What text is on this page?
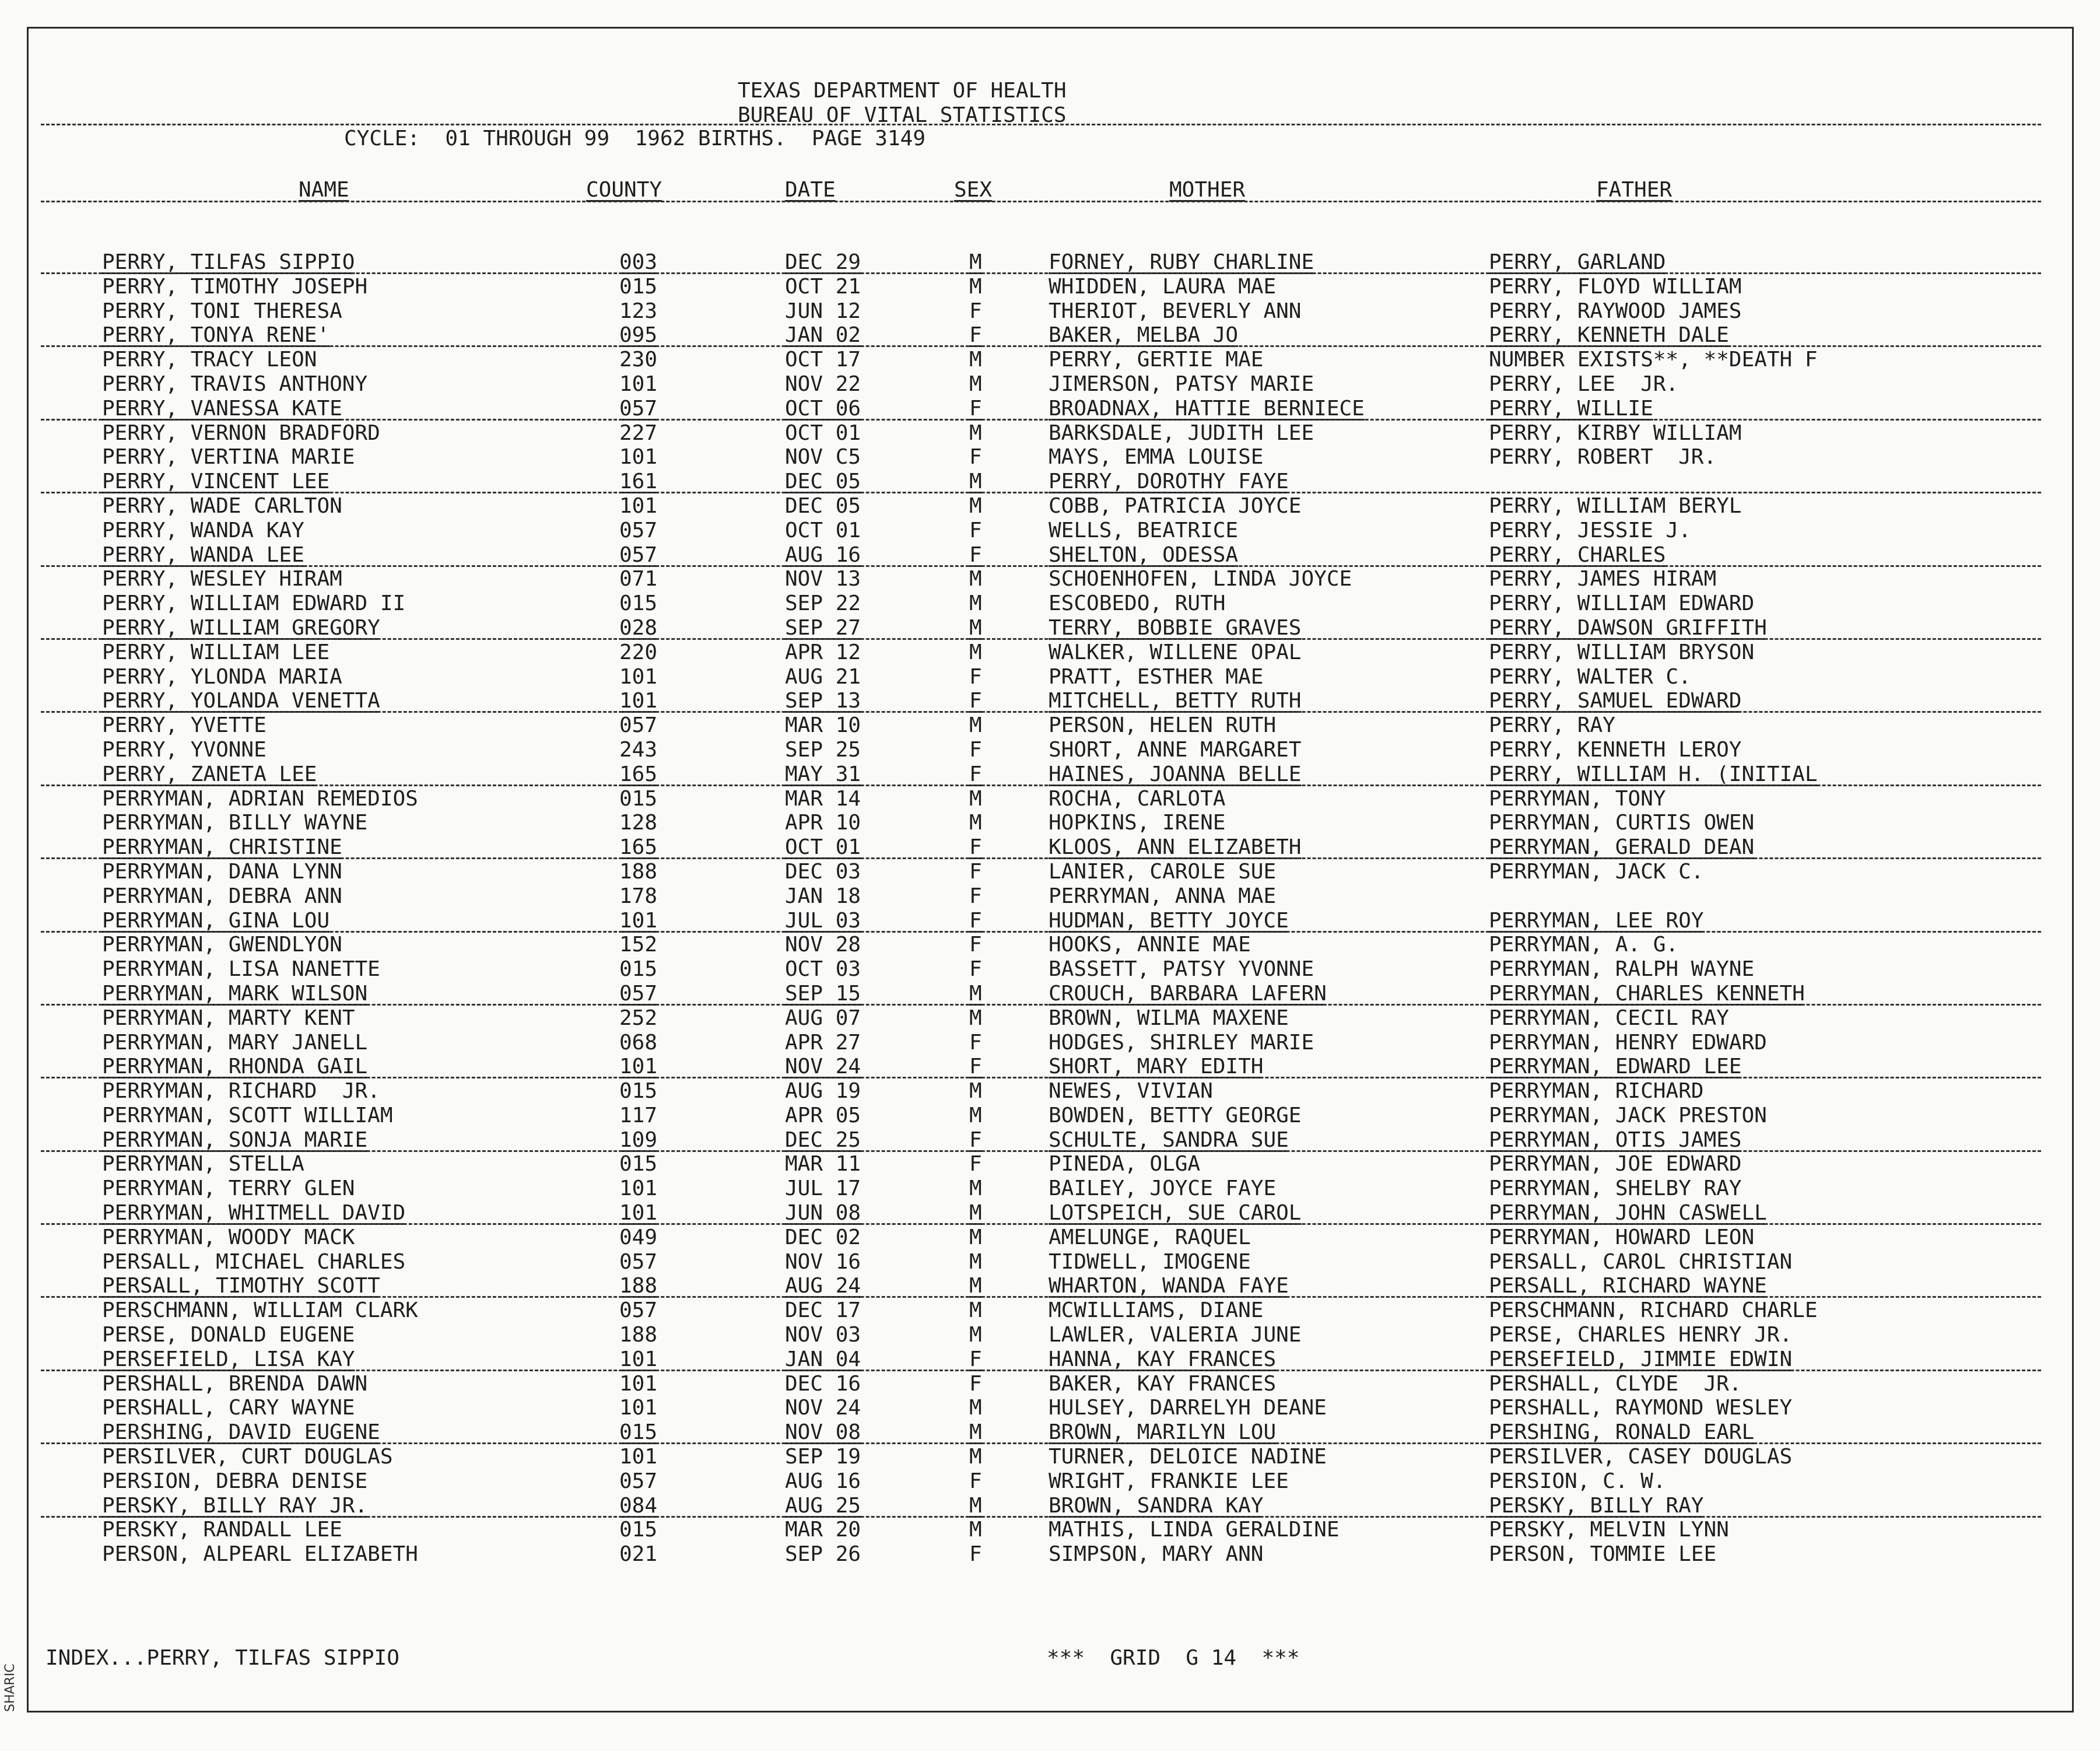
TEXAS DEPARTMENT OF HEALTH
BUREAU OF VITAL STATISTICS
CYCLE:  01 THROUGH 99  1962 BIRTHS.  PAGE 3149
NAME	COUNTY	DATE	SEX	MOTHER	FATHER
PERRY, TILFAS SIPPIO	003	DEC 29	M	FORNEY, RUBY CHARLINE	PERRY, GARLAND
PERRY, TIMOTHY JOSEPH	015	OCT 21	M	WHIDDEN, LAURA MAE	PERRY, FLOYD WILLIAM
PERRY, TONI THERESA	123	JUN 12	F	THERIOT, BEVERLY ANN	PERRY, RAYWOOD JAMES
PERRY, TONYA RENE'	095	JAN 02	F	BAKER, MELBA JO	PERRY, KENNETH DALE
PERRY, TRACY LEON	230	OCT 17	M	PERRY, GERTIE MAE	NUMBER EXISTS**, **DEATH F
PERRY, TRAVIS ANTHONY	101	NOV 22	M	JIMERSON, PATSY MARIE	PERRY, LEE  JR.
PERRY, VANESSA KATE	057	OCT 06	F	BROADNAX, HATTIE BERNIECE	PERRY, WILLIE
PERRY, VERNON BRADFORD	227	OCT 01	M	BARKSDALE, JUDITH LEE	PERRY, KIRBY WILLIAM
PERRY, VERTINA MARIE	101	NOV C5	F	MAYS, EMMA LOUISE	PERRY, ROBERT  JR.
PERRY, VINCENT LEE	161	DEC 05	M	PERRY, DOROTHY FAYE
PERRY, WADE CARLTON	101	DEC 05	M	COBB, PATRICIA JOYCE	PERRY, WILLIAM BERYL
PERRY, WANDA KAY	057	OCT 01	F	WELLS, BEATRICE	PERRY, JESSIE J.
PERRY, WANDA LEE	057	AUG 16	F	SHELTON, ODESSA	PERRY, CHARLES
PERRY, WESLEY HIRAM	071	NOV 13	M	SCHOENHOFEN, LINDA JOYCE	PERRY, JAMES HIRAM
PERRY, WILLIAM EDWARD II	015	SEP 22	M	ESCOBEDO, RUTH	PERRY, WILLIAM EDWARD
PERRY, WILLIAM GREGORY	028	SEP 27	M	TERRY, BOBBIE GRAVES	PERRY, DAWSON GRIFFITH
PERRY, WILLIAM LEE	220	APR 12	M	WALKER, WILLENE OPAL	PERRY, WILLIAM BRYSON
PERRY, YLONDA MARIA	101	AUG 21	F	PRATT, ESTHER MAE	PERRY, WALTER C.
PERRY, YOLANDA VENETTA	101	SEP 13	F	MITCHELL, BETTY RUTH	PERRY, SAMUEL EDWARD
PERRY, YVETTE	057	MAR 10	M	PERSON, HELEN RUTH	PERRY, RAY
PERRY, YVONNE	243	SEP 25	F	SHORT, ANNE MARGARET	PERRY, KENNETH LEROY
PERRY, ZANETA LEE	165	MAY 31	F	HAINES, JOANNA BELLE	PERRY, WILLIAM H. (INITIAL
PERRYMAN, ADRIAN REMEDIOS	015	MAR 14	M	ROCHA, CARLOTA	PERRYMAN, TONY
PERRYMAN, BILLY WAYNE	128	APR 10	M	HOPKINS, IRENE	PERRYMAN, CURTIS OWEN
PERRYMAN, CHRISTINE	165	OCT 01	F	KLOOS, ANN ELIZABETH	PERRYMAN, GERALD DEAN
PERRYMAN, DANA LYNN	188	DEC 03	F	LANIER, CAROLE SUE	PERRYMAN, JACK C.
PERRYMAN, DEBRA ANN	178	JAN 18	F	PERRYMAN, ANNA MAE
PERRYMAN, GINA LOU	101	JUL 03	F	HUDMAN, BETTY JOYCE	PERRYMAN, LEE ROY
PERRYMAN, GWENDLYON	152	NOV 28	F	HOOKS, ANNIE MAE	PERRYMAN, A. G.
PERRYMAN, LISA NANETTE	015	OCT 03	F	BASSETT, PATSY YVONNE	PERRYMAN, RALPH WAYNE
PERRYMAN, MARK WILSON	057	SEP 15	M	CROUCH, BARBARA LAFERN	PERRYMAN, CHARLES KENNETH
PERRYMAN, MARTY KENT	252	AUG 07	M	BROWN, WILMA MAXENE	PERRYMAN, CECIL RAY
PERRYMAN, MARY JANELL	068	APR 27	F	HODGES, SHIRLEY MARIE	PERRYMAN, HENRY EDWARD
PERRYMAN, RHONDA GAIL	101	NOV 24	F	SHORT, MARY EDITH	PERRYMAN, EDWARD LEE
PERRYMAN, RICHARD  JR.	015	AUG 19	M	NEWES, VIVIAN	PERRYMAN, RICHARD
PERRYMAN, SCOTT WILLIAM	117	APR 05	M	BOWDEN, BETTY GEORGE	PERRYMAN, JACK PRESTON
PERRYMAN, SONJA MARIE	109	DEC 25	F	SCHULTE, SANDRA SUE	PERRYMAN, OTIS JAMES
PERRYMAN, STELLA	015	MAR 11	F	PINEDA, OLGA	PERRYMAN, JOE EDWARD
PERRYMAN, TERRY GLEN	101	JUL 17	M	BAILEY, JOYCE FAYE	PERRYMAN, SHELBY RAY
PERRYMAN, WHITMELL DAVID	101	JUN 08	M	LOTSPEICH, SUE CAROL	PERRYMAN, JOHN CASWELL
PERRYMAN, WOODY MACK	049	DEC 02	M	AMELUNGE, RAQUEL	PERRYMAN, HOWARD LEON
PERSALL, MICHAEL CHARLES	057	NOV 16	M	TIDWELL, IMOGENE	PERSALL, CAROL CHRISTIAN
PERSALL, TIMOTHY SCOTT	188	AUG 24	M	WHARTON, WANDA FAYE	PERSALL, RICHARD WAYNE
PERSCHMANN, WILLIAM CLARK	057	DEC 17	M	MCWILLIAMS, DIANE	PERSCHMANN, RICHARD CHARLE
PERSE, DONALD EUGENE	188	NOV 03	M	LAWLER, VALERIA JUNE	PERSE, CHARLES HENRY JR.
PERSEFIELD, LISA KAY	101	JAN 04	F	HANNA, KAY FRANCES	PERSEFIELD, JIMMIE EDWIN
PERSHALL, BRENDA DAWN	101	DEC 16	F	BAKER, KAY FRANCES	PERSHALL, CLYDE  JR.
PERSHALL, CARY WAYNE	101	NOV 24	M	HULSEY, DARRELYH DEANE	PERSHALL, RAYMOND WESLEY
PERSHING, DAVID EUGENE	015	NOV 08	M	BROWN, MARILYN LOU	PERSHING, RONALD EARL
PERSILVER, CURT DOUGLAS	101	SEP 19	M	TURNER, DELOICE NADINE	PERSILVER, CASEY DOUGLAS
PERSION, DEBRA DENISE	057	AUG 16	F	WRIGHT, FRANKIE LEE	PERSION, C. W.
PERSKY, BILLY RAY JR.	084	AUG 25	M	BROWN, SANDRA KAY	PERSKY, BILLY RAY
PERSKY, RANDALL LEE	015	MAR 20	M	MATHIS, LINDA GERALDINE	PERSKY, MELVIN LYNN
PERSON, ALPEARL ELIZABETH	021	SEP 26	F	SIMPSON, MARY ANN	PERSON, TOMMIE LEE
INDEX...PERRY, TILFAS SIPPIO	***  GRID  G 14  ***
SHARIC
